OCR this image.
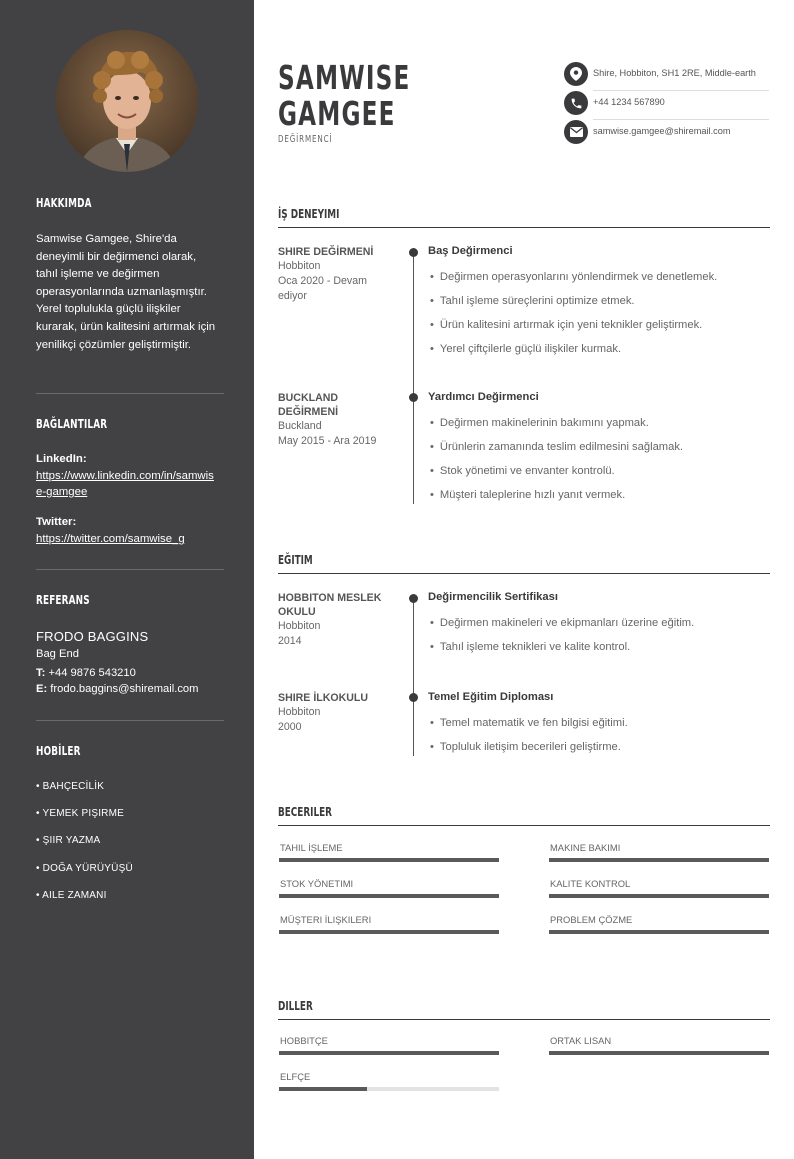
HAKKIMDA
Samwise Gamgee, Shire'da deneyimli bir değirmenci olarak, tahıl işleme ve değirmen operasyonlarında uzmanlaşmıştır. Yerel toplulukla güçlü ilişkiler kurarak, ürün kalitesini artırmak için yenilikçi çözümler geliştirmiştir.
BAĞLANTILAR
LinkedIn:
https://www.linkedin.com/in/samwise-gamgee
Twitter:
https://twitter.com/samwise_g
REFERANS
FRODO BAGGINS
Bag End
T: +44 9876 543210
E: frodo.baggins@shiremail.com
HOBİLER
• BAHÇECİLİK
• YEMEK PIŞIRME
• ŞIIR YAZMA
• DOĞA YÜRÜYÜŞÜ
• AILE ZAMANI
SAMWISE
GAMGEE
DEĞİRMENCİ
Shire, Hobbiton, SH1 2RE, Middle-earth
+44 1234 567890
samwise.gamgee@shiremail.com
İŞ DENEYIMI
SHIRE DEĞİRMENİ
Hobbiton
Oca 2020 - Devam ediyor
Baş Değirmenci
• Değirmen operasyonlarını yönlendirmek ve denetlemek.
• Tahıl işleme süreçlerini optimize etmek.
• Ürün kalitesini artırmak için yeni teknikler geliştirmek.
• Yerel çiftçilerle güçlü ilişkiler kurmak.
BUCKLAND DEĞİRMENİ
Buckland
May 2015 - Ara 2019
Yardımcı Değirmenci
• Değirmen makinelerinin bakımını yapmak.
• Ürünlerin zamanında teslim edilmesini sağlamak.
• Stok yönetimi ve envanter kontrolü.
• Müşteri taleplerine hızlı yanıt vermek.
EĞITIM
HOBBITON MESLEK OKULU
Hobbiton
2014
Değirmencilik Sertifikası
• Değirmen makineleri ve ekipmanları üzerine eğitim.
• Tahıl işleme teknikleri ve kalite kontrol.
SHIRE İLKOKULU
Hobbiton
2000
Temel Eğitim Diploması
• Temel matematik ve fen bilgisi eğitimi.
• Topluluk iletişim becerileri geliştirme.
BECERILER
TAHIL İŞLEME	MAKINE BAKIMI
STOK YÖNETIMI	KALITE KONTROL
MÜŞTERI İLIŞKILERI	PROBLEM ÇÖZME
DILLER
HOBBITÇE	ORTAK LISAN
ELFÇE
